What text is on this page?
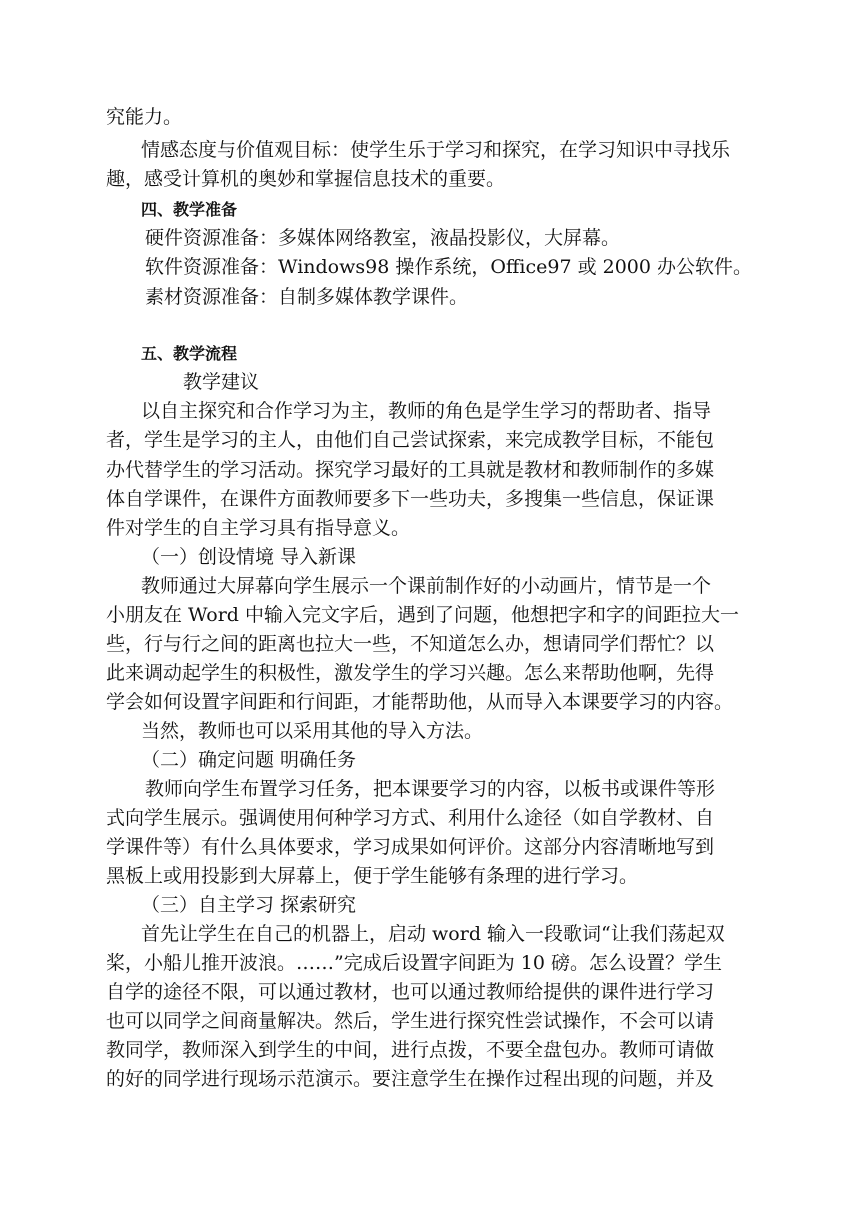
究能力。
情感态度与价值观目标：使学生乐于学习和探究，在学习知识中寻找乐
趣，感受计算机的奥妙和掌握信息技术的重要。
四、教学准备
硬件资源准备：多媒体网络教室，液晶投影仪，大屏幕。
软件资源准备：Windows98 操作系统，Office97 或 2000 办公软件。
素材资源准备：自制多媒体教学课件。
五、教学流程
教学建议
以自主探究和合作学习为主，教师的角色是学生学习的帮助者、指导
者，学生是学习的主人，由他们自己尝试探索，来完成教学目标，不能包
办代替学生的学习活动。探究学习最好的工具就是教材和教师制作的多媒
体自学课件，在课件方面教师要多下一些功夫，多搜集一些信息，保证课
件对学生的自主学习具有指导意义。
（一）创设情境 导入新课
教师通过大屏幕向学生展示一个课前制作好的小动画片，情节是一个
小朋友在 Word 中输入完文字后，遇到了问题，他想把字和字的间距拉大一
些，行与行之间的距离也拉大一些，不知道怎么办，想请同学们帮忙？以
此来调动起学生的积极性，激发学生的学习兴趣。怎么来帮助他啊，先得
学会如何设置字间距和行间距，才能帮助他，从而导入本课要学习的内容。
当然，教师也可以采用其他的导入方法。
（二）确定问题 明确任务
教师向学生布置学习任务，把本课要学习的内容，以板书或课件等形
式向学生展示。强调使用何种学习方式、利用什么途径（如自学教材、自
学课件等）有什么具体要求，学习成果如何评价。这部分内容清晰地写到
黑板上或用投影到大屏幕上，便于学生能够有条理的进行学习。
（三）自主学习 探索研究
首先让学生在自己的机器上，启动 word 输入一段歌词“让我们荡起双
桨，小船儿推开波浪。……”完成后设置字间距为 10 磅。怎么设置？学生
自学的途径不限，可以通过教材，也可以通过教师给提供的课件进行学习
也可以同学之间商量解决。然后，学生进行探究性尝试操作，不会可以请
教同学，教师深入到学生的中间，进行点拨，不要全盘包办。教师可请做
的好的同学进行现场示范演示。要注意学生在操作过程出现的问题，并及
